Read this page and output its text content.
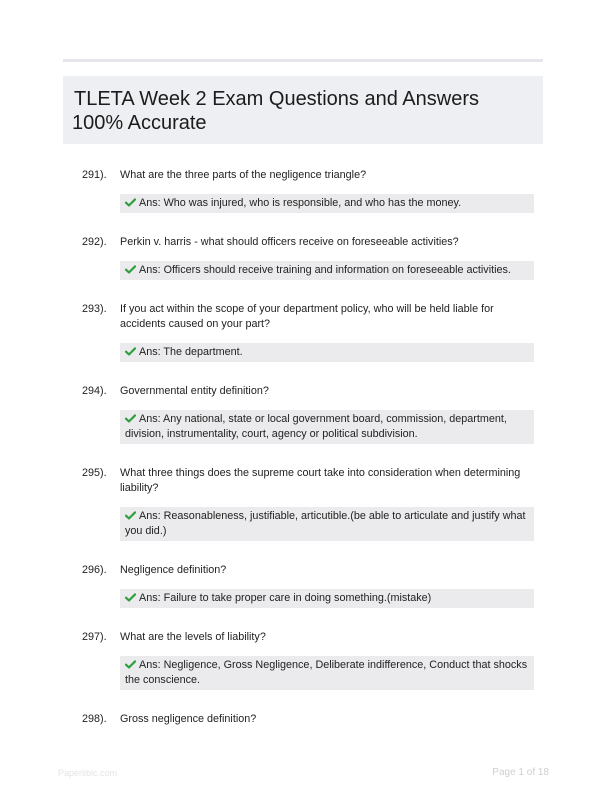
TLETA Week 2 Exam Questions and Answers
100% Accurate
291). What are the three parts of the negligence triangle?
Ans: Who was injured, who is responsible, and who has the money.
292). Perkin v. harris - what should officers receive on foreseeable activities?
Ans: Officers should receive training and information on foreseeable activities.
293). If you act within the scope of your department policy, who will be held liable for accidents caused on your part?
Ans: The department.
294). Governmental entity definition?
Ans: Any national, state or local government board, commission, department, division, instrumentality, court, agency or political subdivision.
295). What three things does the supreme court take into consideration when determining liability?
Ans: Reasonableness, justifiable, articutible.(be able to articulate and justify what you did.)
296). Negligence definition?
Ans: Failure to take proper care in doing something.(mistake)
297). What are the levels of liability?
Ans: Negligence, Gross Negligence, Deliberate indifference, Conduct that shocks the conscience.
298). Gross negligence definition?
Paperlibic.com	Page 1 of 18
